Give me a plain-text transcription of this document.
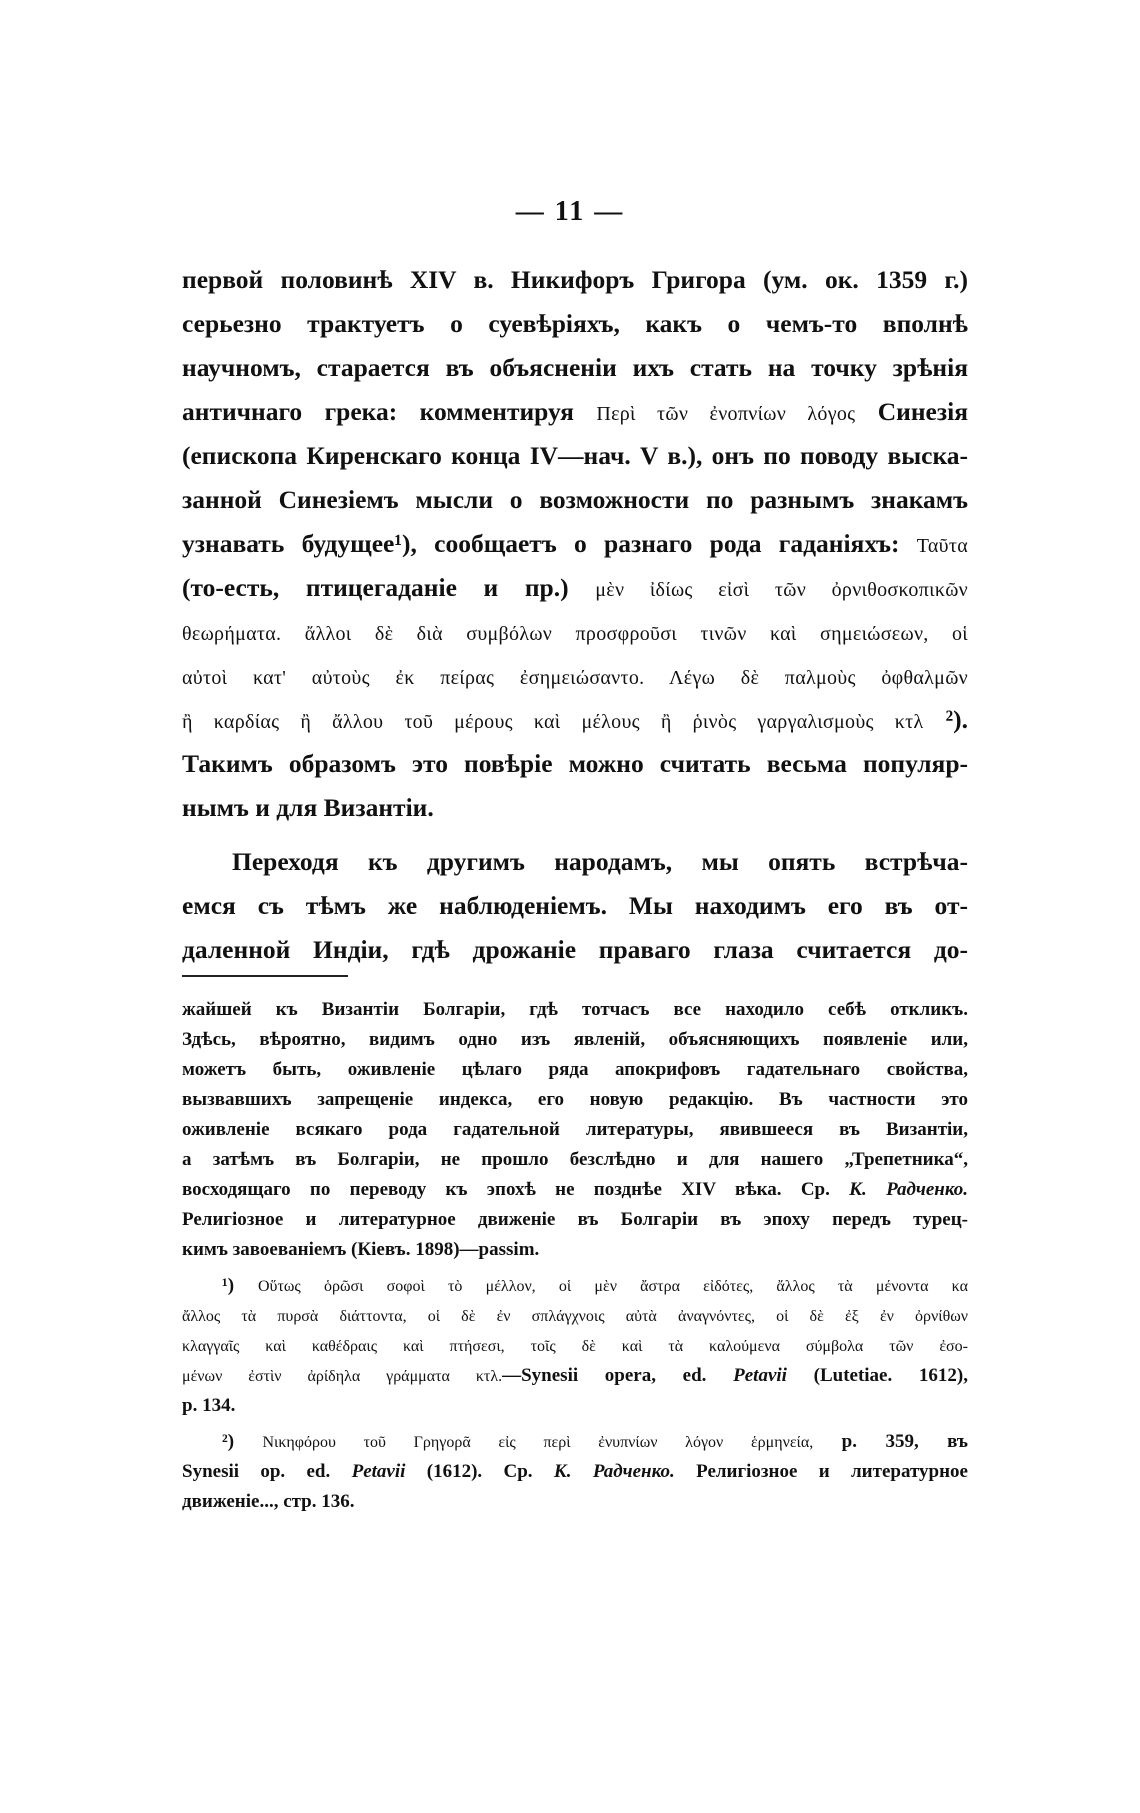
— 11 —
первой половинѣ XIV в. Никифоръ Григора (ум. ок. 1359 г.)
серьезно трактуетъ о суевѣріяхъ, какъ о чемъ-то вполнѣ
научномъ, старается въ объясненіи ихъ стать на точку зрѣнія
античнаго грека: комментируя Περὶ τῶν ἐνοπνίων λόγος Синезія
(епископа Киренскаго конца IV—нач. V в.), онъ по поводу выска-
занной Синезіемъ мысли о возможности по разнымъ знакамъ
узнавать будущее¹), сообщаетъ о разнаго рода гаданіяхъ: Ταῦτα
(то-есть, птицегаданіе и пр.) μὲν ἰδίως εἰσὶ τῶν ὀρνιθοσκοπικῶν
θεωρήματα. ἄλλοι δὲ διὰ συμβόλων προσφροῦσι τινῶν καὶ σημειώσεων, οἱ
αὐτοὶ κατ' αὐτοὺς ἐκ πείρας ἐσημειώσαντο. Λέγω δὲ παλμοὺς ὀφθαλμῶν
ἢ καρδίας ἢ ἄλλου τοῦ μέρους καὶ μέλους ἢ ῥινὸς γαργαλισμοὺς κτλ ²).
Такимъ образомъ это повѣріе можно считать весьма популяр-
нымъ и для Византіи.
Переходя къ другимъ народамъ, мы опять встрѣча-
емся съ тѣмъ же наблюденіемъ. Мы находимъ его въ от-
даленной Индіи, гдѣ дрожаніе праваго глаза считается до-
жайшей къ Византіи Болгаріи, гдѣ тотчасъ все находило себѣ откликъ.
Здѣсь, вѣроятно, видимъ одно изъ явленій, объясняющихъ появленіе или,
можетъ быть, оживленіе цѣлаго ряда апокрифовъ гадательнаго свойства,
вызвавшихъ запрещеніе индекса, его новую редакцію. Въ частности это
оживленіе всякаго рода гадательной литературы, явившееся въ Византіи,
а затѣмъ въ Болгаріи, не прошло безслѣдно и для нашего „Трепетника“,
восходящаго по переводу къ эпохѣ не позднѣе XIV вѣка. Ср. К. Радченко.
Религіозное и литературное движеніе въ Болгаріи въ эпоху передъ турец-
кимъ завоеваніемъ (Кіевъ. 1898)—passim.
¹) Οὕτως ὁρῶσι σοφοὶ τὸ μέλλον, οἱ μὲν ἄστρα εἰδότες, ἄλλος τὰ μένοντα κα
ἄλλος τὰ πυρσὰ διάττοντα, οἱ δὲ ἐν σπλάγχνοις αὐτὰ ἀναγνόντες, οἱ δὲ ἐξ ἐν ὀρνίθων
κλαγγαῖς καὶ καθέδραις καὶ πτήσεσι, τοῖς δὲ καὶ τὰ καλούμενα σύμβολα τῶν ἐσο-
μένων ἐστὶν ἀρίδηλα γράμματα κτλ.—Synesii opera, ed. Petavii (Lutetiae. 1612),
p. 134.
²) Νικηφόρου τοῦ Γρηγορᾶ εἰς περὶ ἐνυπνίων λόγον ἑρμηνεία, p. 359, въ
Synesii op. ed. Petavii (1612). Ср. К. Радченко. Религіозное и литературное
движеніе..., стр. 136.
